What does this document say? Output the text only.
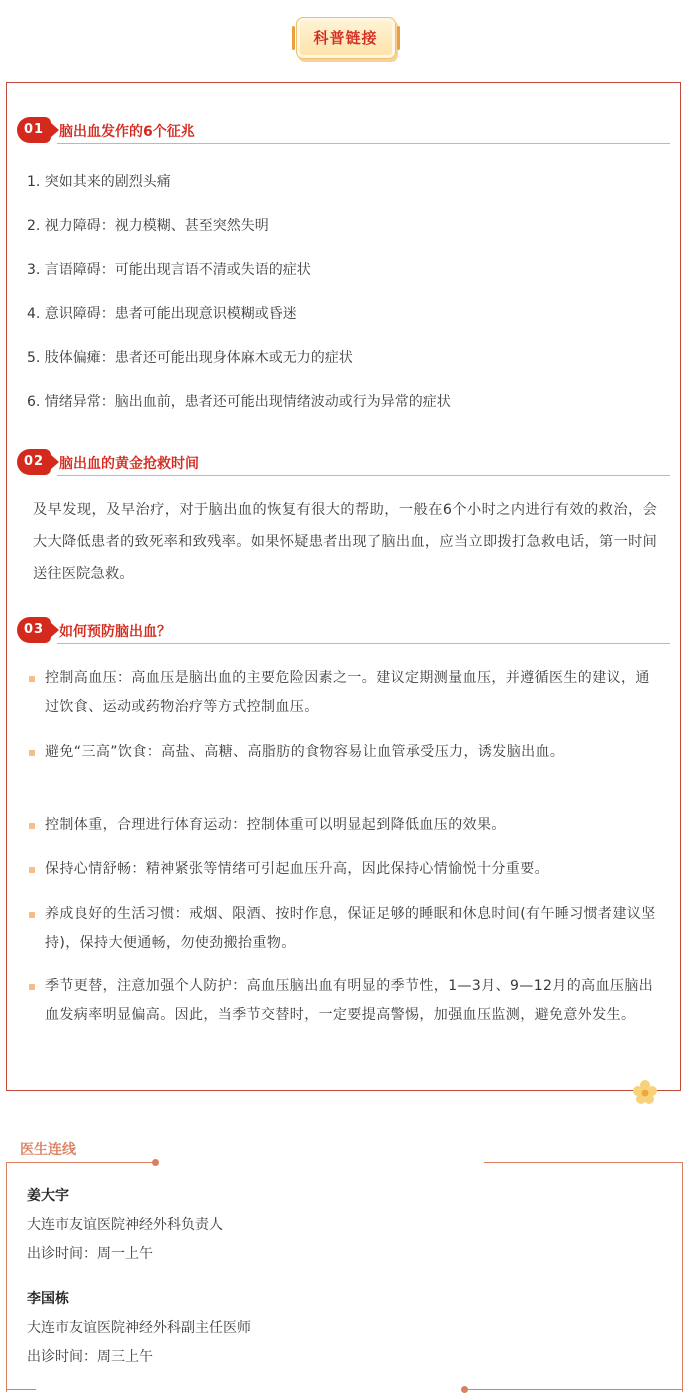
科普链接
01	脑出血发作的6个征兆
1. 突如其来的剧烈头痛
2. 视力障碍：视力模糊、甚至突然失明
3. 言语障碍：可能出现言语不清或失语的症状
4. 意识障碍：患者可能出现意识模糊或昏迷
5. 肢体偏瘫：患者还可能出现身体麻木或无力的症状
6. 情绪异常：脑出血前，患者还可能出现情绪波动或行为异常的症状
02	脑出血的黄金抢救时间
及早发现，及早治疗，对于脑出血的恢复有很大的帮助，一般在6个小时之内进行有效的救治，会大大降低患者的致死率和致残率。如果怀疑患者出现了脑出血，应当立即拨打急救电话，第一时间送往医院急救。
03	如何预防脑出血？
控制高血压：高血压是脑出血的主要危险因素之一。建议定期测量血压，并遵循医生的建议，通过饮食、运动或药物治疗等方式控制血压。
避免“三高”饮食：高盐、高糖、高脂肪的食物容易让血管承受压力，诱发脑出血。
控制体重，合理进行体育运动：控制体重可以明显起到降低血压的效果。
保持心情舒畅：精神紧张等情绪可引起血压升高，因此保持心情愉悦十分重要。
养成良好的生活习惯：戒烟、限酒、按时作息，保证足够的睡眠和休息时间(有午睡习惯者建议坚持)，保持大便通畅，勿使劲搬抬重物。
季节更替，注意加强个人防护：高血压脑出血有明显的季节性，1—3月、9—12月的高血压脑出血发病率明显偏高。因此，当季节交替时，一定要提高警惕，加强血压监测，避免意外发生。
医生连线
姜大宇
大连市友谊医院神经外科负责人
出诊时间：周一上午
李国栋
大连市友谊医院神经外科副主任医师
出诊时间：周三上午
